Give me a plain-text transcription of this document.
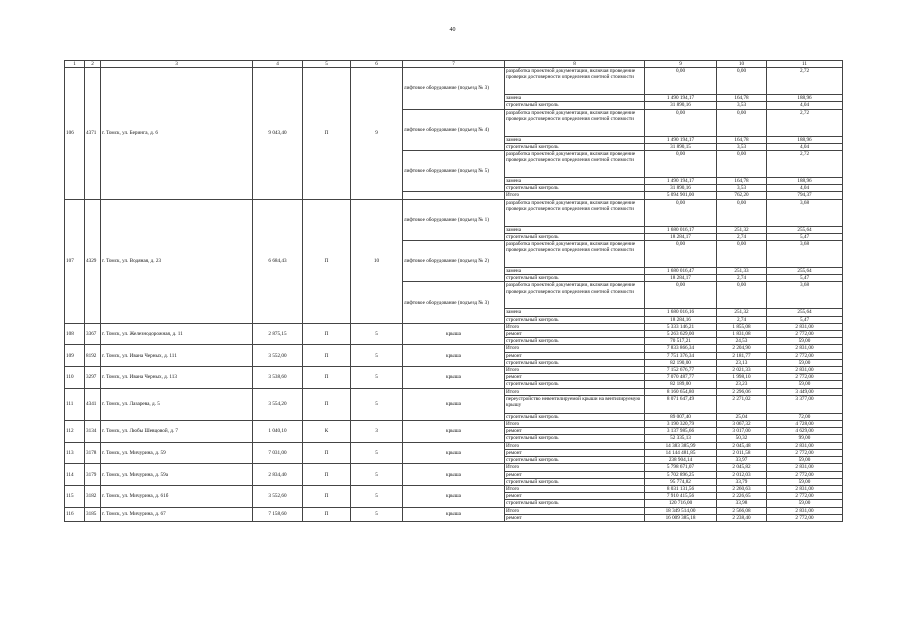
40
1	2	3	4	5	6	7	8	9	10	11
106	4371	г. Томск, ул. Беринга, д. 6	9 043,40	П	9	лифтовое оборудование (подъезд № 3)	разработка проектной документации, включая проведение проверки достоверности определения сметной стоимости	0,00	0,00	2,72
							замена	1 490 194,17	164,78	188,96
							строительный контроль	31 890,16	3,53	4,04
						лифтовое оборудование (подъезд № 4)	разработка проектной документации, включая проведение проверки достоверности определения сметной стоимости	0,00	0,00	2,72
							замена	1 490 194,17	164,78	188,96
							строительный контроль	31 890,15	3,53	4,04
						лифтовое оборудование (подъезд № 5)	разработка проектной документации, включая проведение проверки достоверности определения сметной стоимости	0,00	0,00	2,72
							замена	1 490 194,17	164,78	188,96
							строительный контроль	31 890,16	3,53	4,04
							Итого	5 094 901,00	762,20	794,37
107	4329	г. Томск, ул. Водяная, д. 23	6 684,43	П	10	лифтовое оборудование (подъезд № 1)	разработка проектной документации, включая проведение проверки достоверности определения сметной стоимости	0,00	0,00	3,68
							замена	1 680 016,17	251,32	255,64
							строительный контроль	18 284,17	2,74	5,47
						лифтовое оборудование (подъезд № 2)	разработка проектной документации, включая проведение проверки достоверности определения сметной стоимости	0,00	0,00	3,68
							замена	1 680 016,47	251,33	255,64
							строительный контроль	18 284,17	2,74	5,47
						лифтовое оборудование (подъезд № 3)	разработка проектной документации, включая проведение проверки достоверности определения сметной стоимости	0,00	0,00	3,68
							замена	1 680 016,16	251,32	255,64
							строительный контроль	18 284,16	2,74	5,47
108	3367	г. Томск, ул. Железнодорожная, д. 11	2 875,15	П	5	крыша	Итого	5 333 146,21	1 855,08	2 831,00
							ремонт	5 263 629,00	1 831,08	2 772,00
							строительный контроль	70 517,21	24,53	59,00
109	8192	г. Томск, ул. Ивана Черных, д. 111	3 552,00	П	5	крыша	Итого	7 833 866,34	2 204,90	2 831,00
							ремонт	7 751 376,34	2 181,77	2 772,00
							строительный контроль	82 190,00	23,13	59,00
110	3297	г. Томск, ул. Ивана Черных, д. 113	3 538,60	П	5	крыша	Итого	7 152 676,77	2 021,33	2 831,00
							ремонт	7 070 487,77	1 998,10	2 772,00
							строительный контроль	82 189,00	23,23	59,00
111	4341	г. Томск, ул. Лазарева, д. 5	3 554,20	П	5	крыша	Итого	8 160 654,80	2 296,06	3 449,00
							переустройство невентилируемой крыши на вентилируемую крышу	8 071 647,49	2 271,02	3 377,00
							строительный контроль	89 007,40	25,04	72,00
112	3134	г. Томск, ул. Любы Шевцовой, д. 7	1 040,10	К	3	крыша	Итого	3 190 320,79	3 067,32	4 728,00
							ремонт	3 137 985,66	3 017,00	4 629,00
							строительный контроль	52 335,13	50,32	99,00
113	3178	г. Томск, ул. Мичурина, д. 59	7 031,00	П	5	крыша	Итого	14 383 385,99	2 045,48	2 831,00
							ремонт	14 144 481,85	2 011,58	2 772,00
							строительный контроль	238 904,14	33,97	59,00
114	3179	г. Томск, ул. Мичурина, д. 59а	2 834,40	П	5	крыша	Итого	5 798 671,07	2 045,82	2 831,00
							ремонт	5 702 896,25	2 012,03	2 772,00
							строительный контроль	95 774,82	33,79	59,00
115	3182	г. Томск, ул. Мичурина, д. 61б	3 552,60	П	5	крыша	Итого	8 031 131,56	2 260,63	2 831,00
							ремонт	7 910 415,56	2 226,65	2 772,00
							строительный контроль	120 716,00	33,98	59,00
116	3185	г. Томск, ул. Мичурина, д. 67	7 158,60	П	5	крыша	Итого	18 349 514,00	2 566,08	2 831,00
							ремонт	16 009 385,18	2 238,40	2 772,00
